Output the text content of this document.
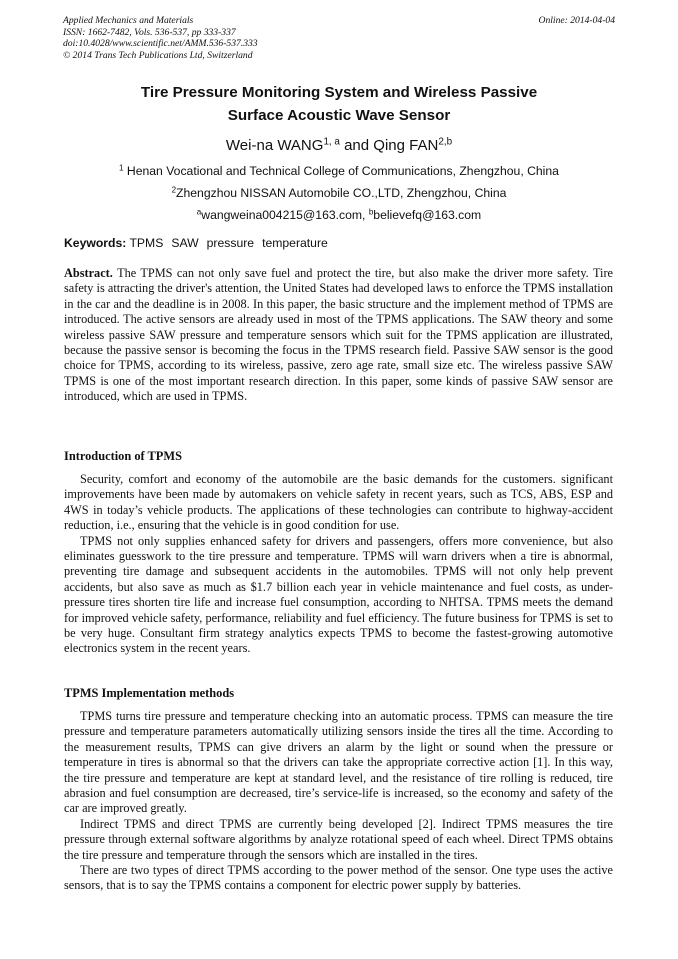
Applied Mechanics and Materials
ISSN: 1662-7482, Vols. 536-537, pp 333-337
doi:10.4028/www.scientific.net/AMM.536-537.333
© 2014 Trans Tech Publications Ltd, Switzerland
Online: 2014-04-04
Tire Pressure Monitoring System and Wireless Passive
Surface Acoustic Wave Sensor
Wei-na WANG$^{1, a}$ and Qing FAN$^{2,b}$
$^1$ Henan Vocational and Technical College of Communications, Zhengzhou, China
$^2$Zhengzhou NISSAN Automobile CO.,LTD, Zhengzhou, China
$^a$wangweina004215@163.com, $^b$believefq@163.com
Keywords: TPMS SAW pressure temperature

Abstract. The TPMS can not only save fuel and protect the tire, but also make the driver more safety. Tire safety is attracting the driver's attention, the United States had developed laws to enforce the TPMS installation in the car and the deadline is in 2008. In this paper, the basic structure and the implement method of TPMS are introduced. The active sensors are already used in most of the TPMS applications. The SAW theory and some wireless passive SAW pressure and temperature sensors which suit for the TPMS application are illustrated, because the passive sensor is becoming the focus in the TPMS research field. Passive SAW sensor is the good choice for TPMS, according to its wireless, passive, zero age rate, small size etc. The wireless passive SAW TPMS is one of the most important research direction. In this paper, some kinds of passive SAW sensor are introduced, which are used in TPMS.

Introduction of TPMS

Security, comfort and economy of the automobile are the basic demands for the customers. significant improvements have been made by automakers on vehicle safety in recent years, such as TCS, ABS, ESP and 4WS in today’s vehicle products. The applications of these technologies can contribute to highway-accident reduction, i.e., ensuring that the vehicle is in good condition for use.

TPMS not only supplies enhanced safety for drivers and passengers, offers more convenience, but also eliminates guesswork to the tire pressure and temperature. TPMS will warn drivers when a tire is abnormal, preventing tire damage and subsequent accidents in the automobiles. TPMS will not only help prevent accidents, but also save as much as $1.7 billion each year in vehicle maintenance and fuel costs, as under-pressure tires shorten tire life and increase fuel consumption, according to NHTSA. TPMS meets the demand for improved vehicle safety, performance, reliability and fuel efficiency. The future business for TPMS is set to be very huge. Consultant firm strategy analytics expects TPMS to become the fastest-growing automotive electronics system in the recent years.

TPMS Implementation methods

TPMS turns tire pressure and temperature checking into an automatic process. TPMS can measure the tire pressure and temperature parameters automatically utilizing sensors inside the tires all the time. According to the measurement results, TPMS can give drivers an alarm by the light or sound when the pressure or temperature in tires is abnormal so that the drivers can take the appropriate corrective action [1]. In this way, the tire pressure and temperature are kept at standard level, and the resistance of tire rolling is reduced, tire abrasion and fuel consumption are decreased, tire’s service-life is increased, so the economy and safety of the car are improved greatly.

Indirect TPMS and direct TPMS are currently being developed [2]. Indirect TPMS measures the tire pressure through external software algorithms by analyze rotational speed of each wheel. Direct TPMS obtains the tire pressure and temperature through the sensors which are installed in the tires.

There are two types of direct TPMS according to the power method of the sensor. One type uses the active sensors, that is to say the TPMS contains a component for electric power supply by batteries.
